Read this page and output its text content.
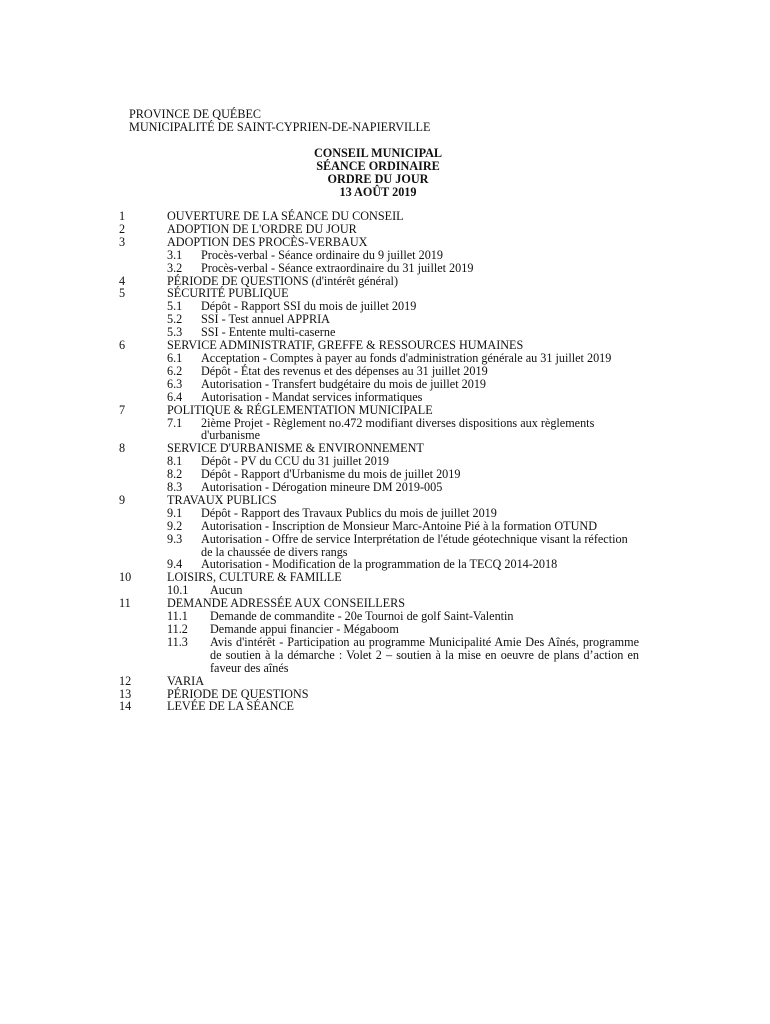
PROVINCE DE QUÉBEC
MUNICIPALITÉ DE SAINT-CYPRIEN-DE-NAPIERVILLE
CONSEIL MUNICIPAL
SÉANCE ORDINAIRE
ORDRE DU JOUR
13 AOÛT 2019
1	OUVERTURE DE LA SÉANCE DU CONSEIL
2	ADOPTION DE L'ORDRE DU JOUR
3	ADOPTION DES PROCÈS-VERBAUX
3.1 Procès-verbal - Séance ordinaire du 9 juillet 2019
3.2 Procès-verbal - Séance extraordinaire du 31 juillet 2019
4	PÉRIODE DE QUESTIONS (d'intérêt général)
5	SÉCURITÉ PUBLIQUE
5.1 Dépôt - Rapport SSI du mois de juillet 2019
5.2 SSI - Test annuel APPRIA
5.3 SSI - Entente multi-caserne
6	SERVICE ADMINISTRATIF, GREFFE & RESSOURCES HUMAINES
6.1 Acceptation - Comptes à payer au fonds d'administration générale au 31 juillet 2019
6.2 Dépôt - État des revenus et des dépenses au 31 juillet 2019
6.3 Autorisation - Transfert budgétaire du mois de juillet 2019
6.4 Autorisation - Mandat services informatiques
7	POLITIQUE & RÉGLEMENTATION MUNICIPALE
7.1 2ième Projet - Règlement no.472 modifiant diverses dispositions aux règlements d'urbanisme
8	SERVICE D'URBANISME & ENVIRONNEMENT
8.1 Dépôt - PV du CCU du 31 juillet 2019
8.2 Dépôt - Rapport d'Urbanisme du mois de juillet 2019
8.3 Autorisation - Dérogation mineure DM 2019-005
9	TRAVAUX PUBLICS
9.1 Dépôt - Rapport des Travaux Publics du mois de juillet 2019
9.2 Autorisation - Inscription de Monsieur Marc-Antoine Pié à la formation OTUND
9.3 Autorisation - Offre de service Interprétation de l'étude géotechnique visant la réfection de la chaussée de divers rangs
9.4 Autorisation - Modification de la programmation de la TECQ 2014-2018
10	LOISIRS, CULTURE & FAMILLE
10.1 Aucun
11	DEMANDE ADRESSÉE AUX CONSEILLERS
11.1 Demande de commandite - 20e Tournoi de golf Saint-Valentin
11.2 Demande appui financier - Mégaboom
11.3 Avis d'intérêt - Participation au programme Municipalité Amie Des Aînés, programme de soutien à la démarche : Volet 2 – soutien à la mise en oeuvre de plans d’action en faveur des aînés
12	VARIA
13	PÉRIODE DE QUESTIONS
14	LEVÉE DE LA SÉANCE
